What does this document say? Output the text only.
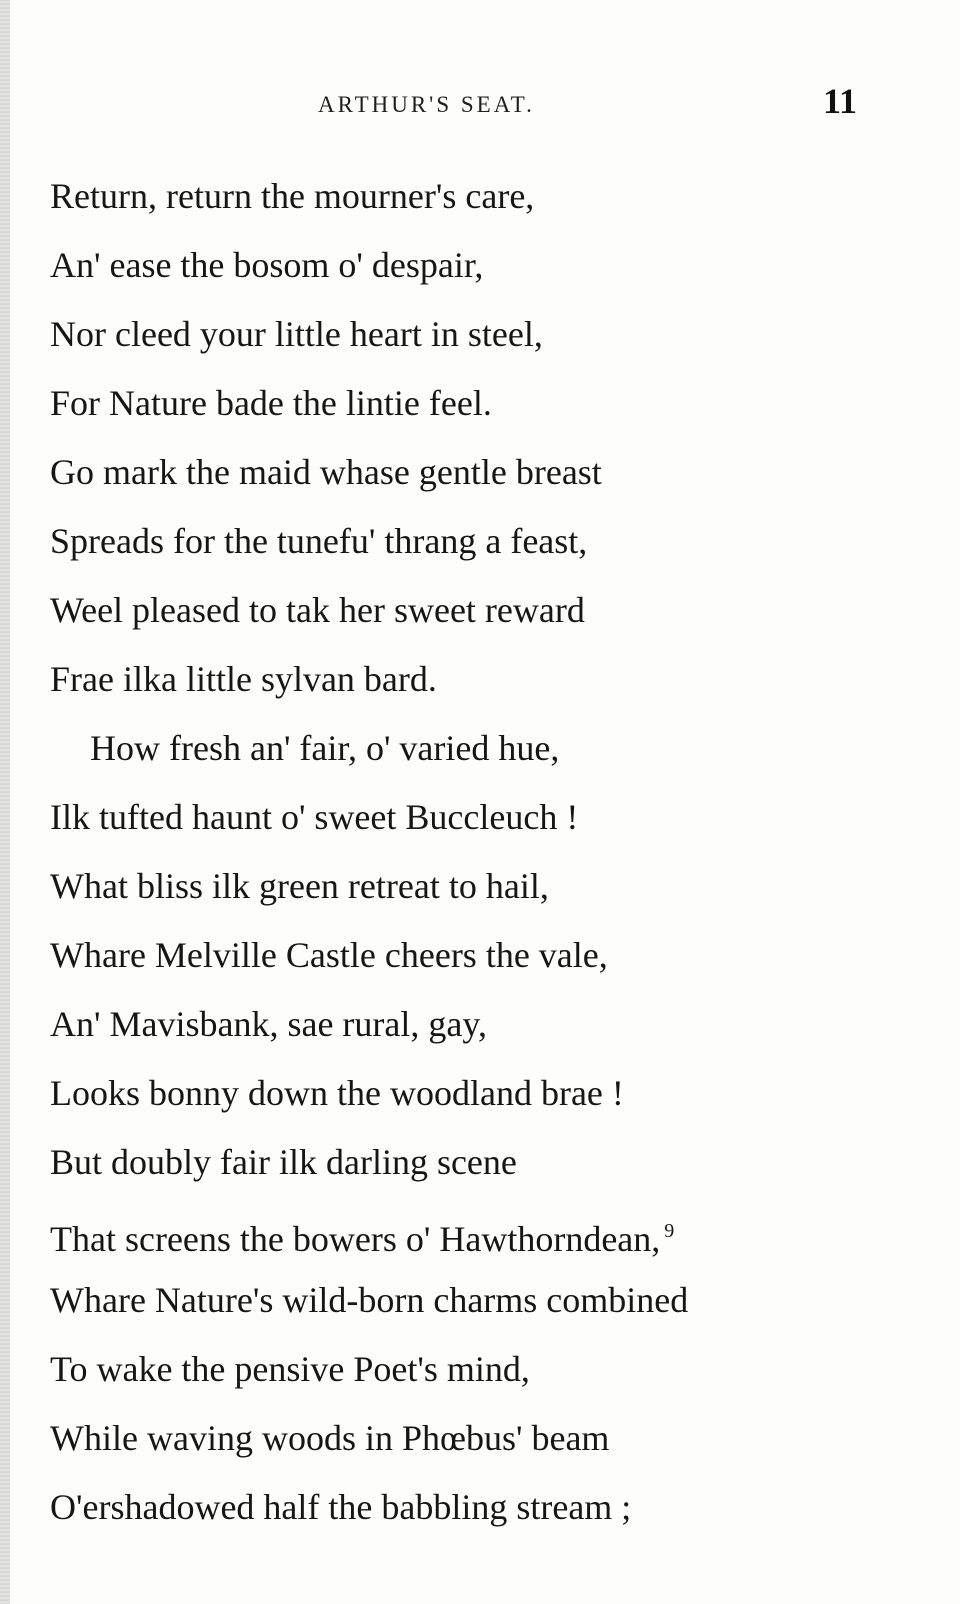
ARTHUR'S SEAT.	11
Return, return the mourner's care,
An' ease the bosom o' despair,
Nor cleed your little heart in steel,
For Nature bade the lintie feel.
Go mark the maid whase gentle breast
Spreads for the tunefu' thrang a feast,
Weel pleased to tak her sweet reward
Frae ilka little sylvan bard.
How fresh an' fair, o' varied hue,
Ilk tufted haunt o' sweet Buccleuch !
What bliss ilk green retreat to hail,
Whare Melville Castle cheers the vale,
An' Mavisbank, sae rural, gay,
Looks bonny down the woodland brae !
But doubly fair ilk darling scene
That screens the bowers o' Hawthorndean, $^9$
Whare Nature's wild-born charms combined
To wake the pensive Poet's mind,
While waving woods in Phœbus' beam
O'ershadowed half the babbling stream ;
